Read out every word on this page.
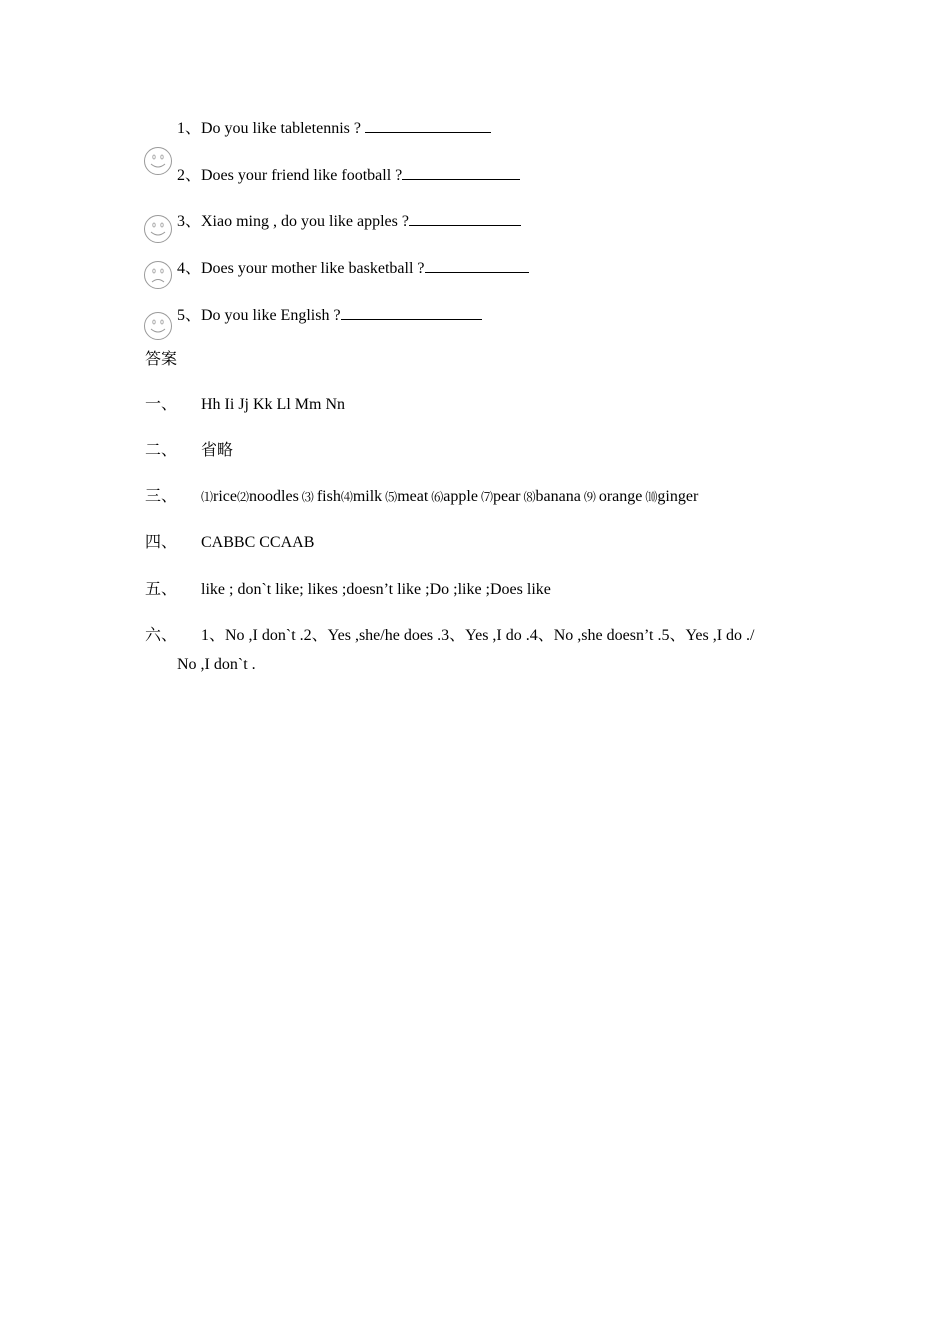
1、Do you like tabletennis ?
2、Does your friend like football ?
3、Xiao ming , do you like apples ?
4、Does your mother like basketball ?
5、Do you like English ?
答案
一、 Hh Ii Jj Kk Ll Mm Nn
二、 省略
三、 ⑴rice⑵noodles ⑶ fish⑷milk ⑸meat ⑹apple ⑺pear ⑻banana ⑼ orange ⑽ginger
四、 CABBC CCAAB
五、 like ; don`t like; likes ;doesn’t like ;Do ;like ;Does like
六、 1、No ,I don`t .2、Yes ,she/he does .3、Yes ,I do .4、No ,she doesn’t .5、Yes ,I do ./
No ,I don`t .
